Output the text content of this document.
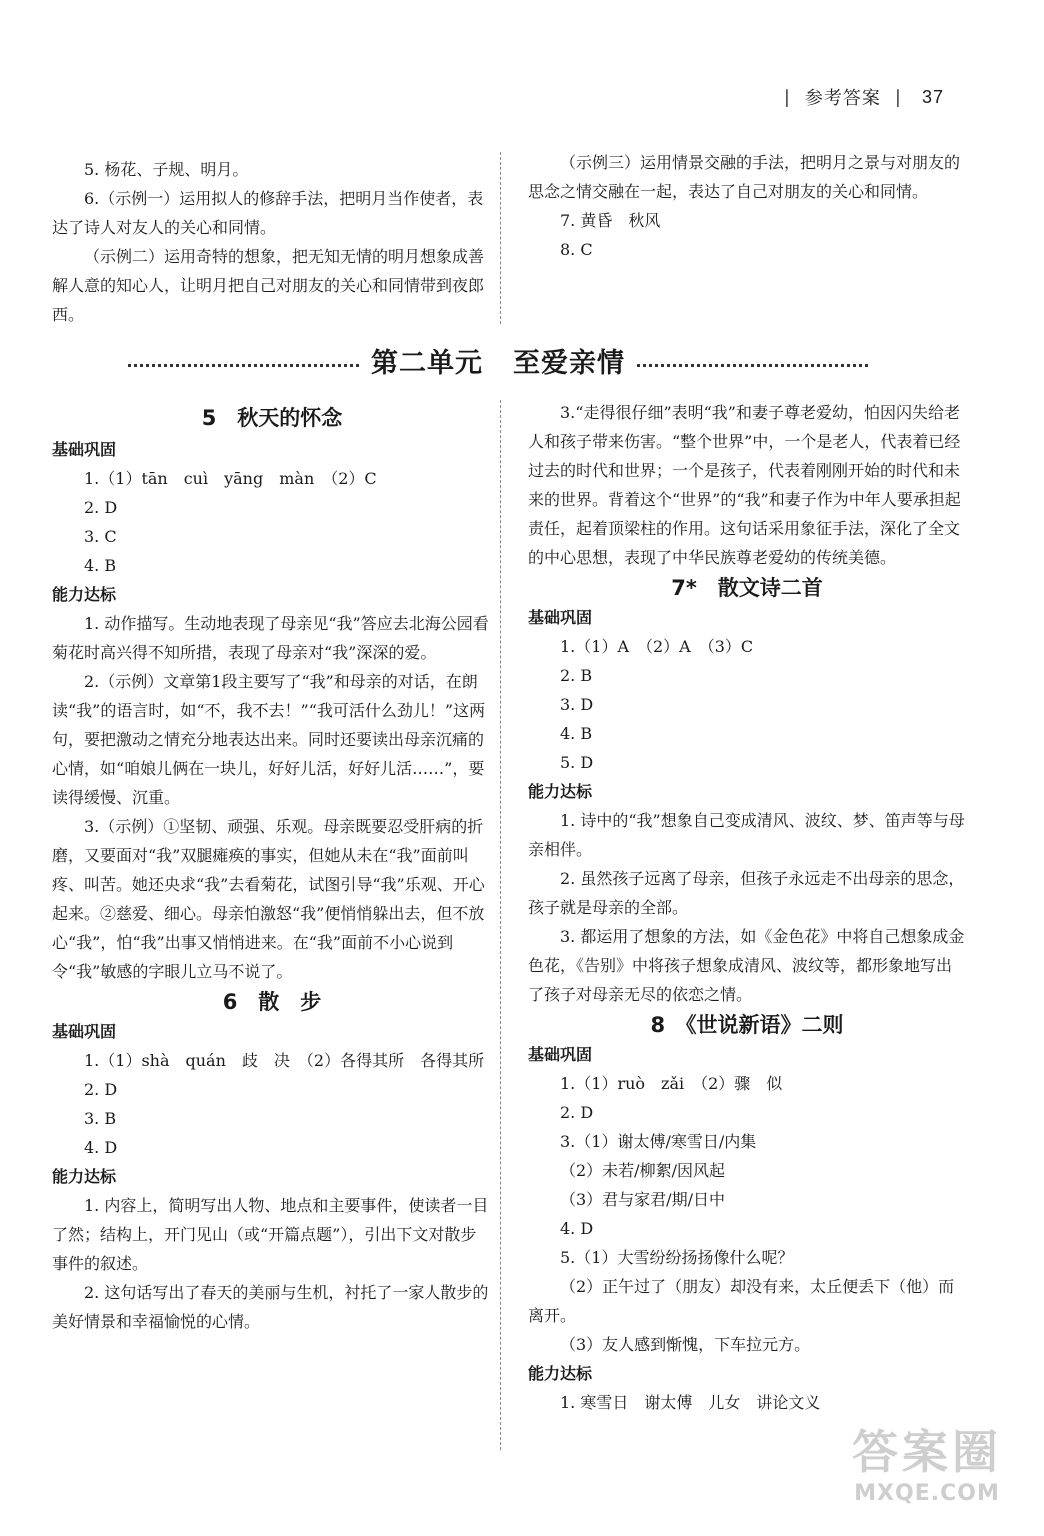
| 参考答案 | 37

5. 杨花、子规、明月。

6.（示例一）运用拟人的修辞手法，把明月当作使者，表达了诗人对友人的关心和同情。

（示例二）运用奇特的想象，把无知无情的明月想象成善解人意的知心人，让明月把自己对朋友的关心和同情带到夜郎西。

（示例三）运用情景交融的手法，把明月之景与对朋友的思念之情交融在一起，表达了自己对朋友的关心和同情。

7. 黄昏　秋风

8. C

第二单元 至爱亲情

5　秋天的怀念

基础巩固

1.（1）tān　cuì　yāng　màn　（2）C

2. D

3. C

4. B

能力达标

1. 动作描写。生动地表现了母亲见“我”答应去北海公园看菊花时高兴得不知所措，表现了母亲对“我”深深的爱。

2.（示例）文章第1段主要写了“我”和母亲的对话，在朗读“我”的语言时，如“不，我不去！”“我可活什么劲儿！”这两句，要把激动之情充分地表达出来。同时还要读出母亲沉痛的心情，如“咱娘儿俩在一块儿，好好儿活，好好儿活……”，要读得缓慢、沉重。

3.（示例）①坚韧、顽强、乐观。母亲既要忍受肝病的折磨，又要面对“我”双腿瘫痪的事实，但她从未在“我”面前叫疼、叫苦。她还央求“我”去看菊花，试图引导“我”乐观、开心起来。②慈爱、细心。母亲怕激怒“我”便悄悄躲出去，但不放心“我”，怕“我”出事又悄悄进来。在“我”面前不小心说到令“我”敏感的字眼儿立马不说了。

6　散　步

基础巩固

1.（1）shà　quán　歧　决　（2）各得其所　各得其所

2. D

3. B

4. D

能力达标

1. 内容上，简明写出人物、地点和主要事件，使读者一目了然；结构上，开门见山（或“开篇点题”），引出下文对散步事件的叙述。

2. 这句话写出了春天的美丽与生机，衬托了一家人散步的美好情景和幸福愉悦的心情。

3.“走得很仔细”表明“我”和妻子尊老爱幼，怕因闪失给老人和孩子带来伤害。“整个世界”中，一个是老人，代表着已经过去的时代和世界；一个是孩子，代表着刚刚开始的时代和未来的世界。背着这个“世界”的“我”和妻子作为中年人要承担起责任，起着顶梁柱的作用。这句话采用象征手法，深化了全文的中心思想，表现了中华民族尊老爱幼的传统美德。

7*　散文诗二首

基础巩固

1.（1）A　（2）A　（3）C

2. B

3. D

4. B

5. D

能力达标

1. 诗中的“我”想象自己变成清风、波纹、梦、笛声等与母亲相伴。

2. 虽然孩子远离了母亲，但孩子永远走不出母亲的思念，孩子就是母亲的全部。

3. 都运用了想象的方法，如《金色花》中将自己想象成金色花，《告别》中将孩子想象成清风、波纹等，都形象地写出了孩子对母亲无尽的依恋之情。

8　《世说新语》二则

基础巩固

1.（1）ruò　zǎi　（2）骤　似

2. D

3.（1）谢太傅/寒雪日/内集

（2）未若/柳絮/因风起

（3）君与家君/期/日中

4. D

5.（1）大雪纷纷扬扬像什么呢？

（2）正午过了（朋友）却没有来，太丘便丢下（他）而离开。

（3）友人感到惭愧，下车拉元方。

能力达标

1. 寒雪日　谢太傅　儿女　讲论文义

答案圈
MXQE.COM
